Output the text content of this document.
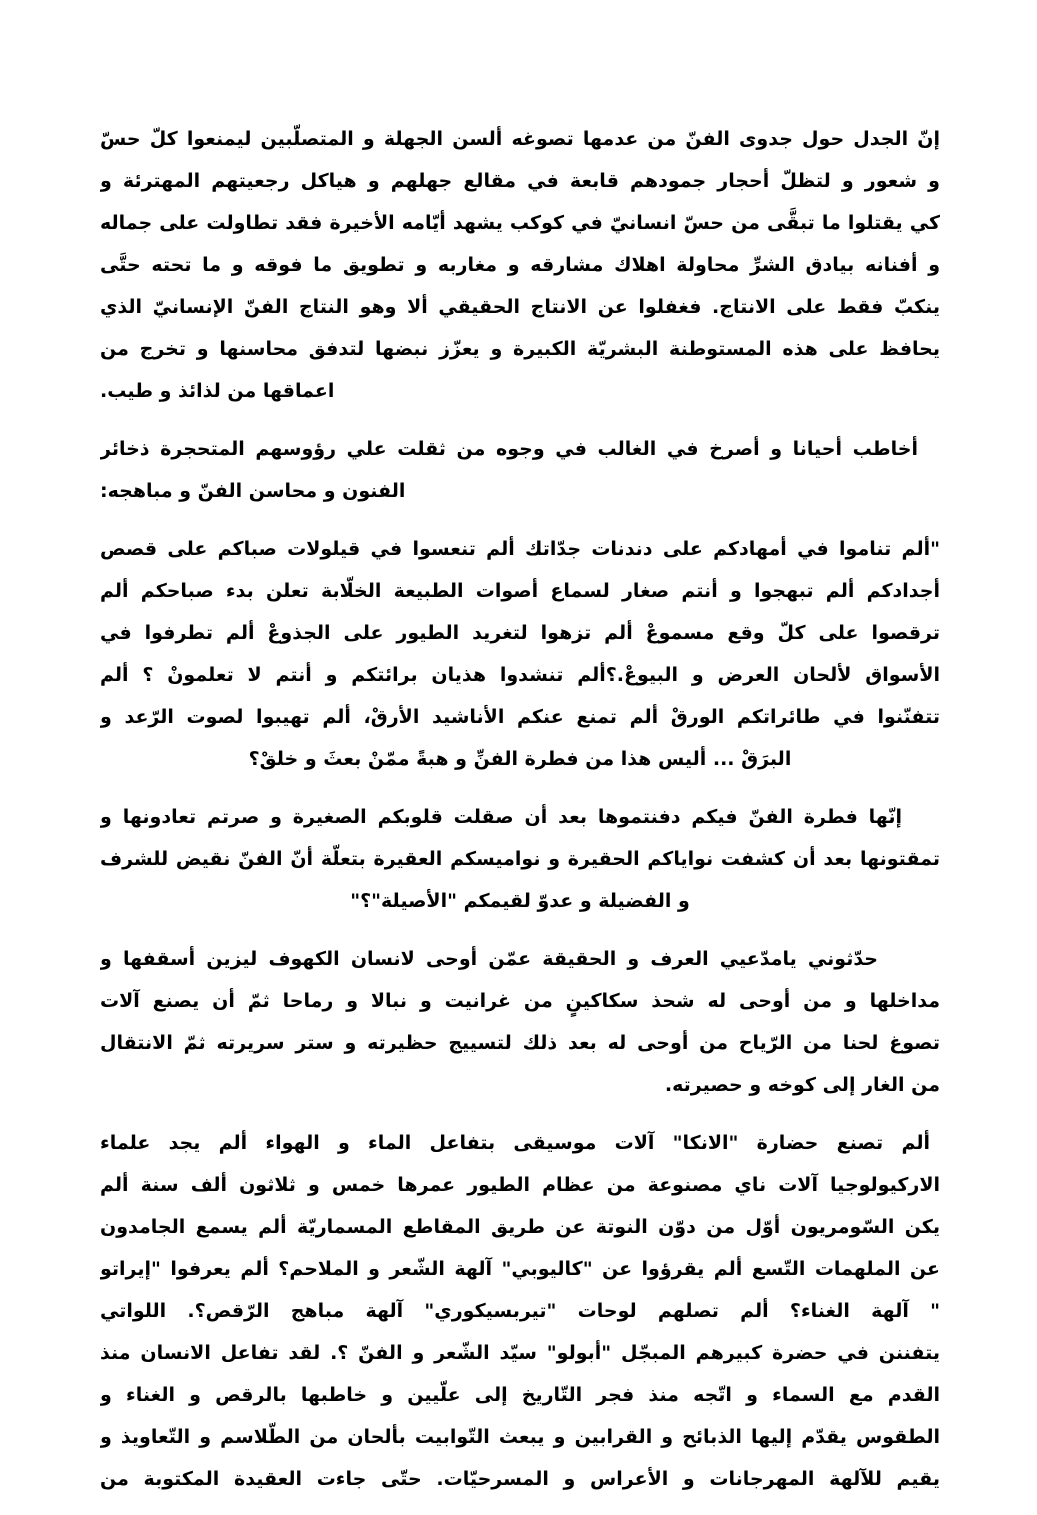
إنّ الجدل حول جدوى الفنّ من عدمها تصوغه ألسن الجهلة و المتصلّبين ليمنعوا كلّ حسّ
و شعور و لتظلّ أحجار جمودهم قابعة في مقالع جهلهم و هياكل رجعيتهم المهترئة و
كي يقتلوا ما تبقَّى من حسّ انسانيّ في كوكب يشهد أيّامه الأخيرة فقد تطاولت على جماله
و أفنانه بيادق الشرِّ محاولة اهلاك مشارقه و مغاربه و تطويق ما فوقه و ما تحته حتَّى
ينكبّ فقط على الانتاج. فغفلوا عن الانتاج الحقيقي ألا وهو النتاج الفنّ الإنسانيّ الذي
يحافظ على هذه المستوطنة البشريّة الكبيرة و يعزّز نبضها لتدفق محاسنها و تخرج من
اعماقها من لذائذ و طيب.
أخاطب أحيانا و أصرخ في الغالب في وجوه من ثقلت علي رؤوسهم المتحجرة ذخائر
الفنون و محاسن الفنّ و مباهجه:
"ألم تناموا في أمهادكم على دندنات جدّاتك ألم تنعسوا في قيلولات صباكم على قصص
أجدادكم ألم تبهجوا و أنتم صغار لسماع أصوات الطبيعة الخلّابة تعلن بدء صباحكم ألم
ترقصوا على كلّ وقع مسموعْ ألم تزهوا لتغريد الطيور على الجذوعْ ألم تطرفوا في
الأسواق لألحان العرض و البيوعْ.؟ألم تنشدوا هذيان برائتكم و أنتم لا تعلمونْ ؟ ألم
تتفنّنوا في طائراتكم الورقْ ألم تمنع عنكم الأناشيد الأرقْ، ألم تهيبوا لصوت الرّعد و
البرَقْ ... أليس هذا من فطرة الفنِّ و هبةً ممّنْ بعثَ و خلقْ؟
إنّها فطرة الفنّ فيكم دفنتموها بعد أن صقلت قلوبكم الصغيرة و صرتم تعادونها و
تمقتونها بعد أن كشفت نواياكم الحقيرة و نواميسكم العقيرة بتعلّة أنّ الفنّ نقيض للشرف
و الفضيلة و عدوّ لقيمكم "الأصيلة"؟"
حدّثوني يامدّعيي العرف و الحقيقة عمّن أوحى لانسان الكهوف ليزين أسقفها و
مداخلها و من أوحى له شحذ سكاكينٍ من غرانيت و نبالا و رماحا ثمّ أن يصنع آلات
تصوغ لحنا من الرّياح من أوحى له بعد ذلك لتسييج حظيرته و ستر سريرته ثمّ الانتقال
من الغار إلى كوخه و حصيرته.
ألم تصنع حضارة "الانكا" آلات موسيقى بتفاعل الماء و الهواء ألم يجد علماء
الاركيولوجيا آلات ناي مصنوعة من عظام الطيور عمرها خمس و ثلاثون ألف سنة ألم
يكن السّومريون أوّل من دوّن النوتة عن طريق المقاطع المسماريّة ألم يسمع الجامدون
عن الملهمات التّسع ألم يقرؤوا عن "كاليوبي" آلهة الشّعر و الملاحم؟ ألم يعرفوا "إيراتو
" آلهة الغناء؟ ألم تصلهم لوحات "تيربسيكوري" آلهة مباهج الرّقص؟. اللواتي
يتفننن في حضرة كبيرهم المبجّل "أبولو" سيّد الشّعر و الفنّ ؟. لقد تفاعل الانسان منذ
القدم مع السماء و اتّجه منذ فجر التّاريخ إلى علّيين و خاطبها بالرقص و الغناء و
الطقوس يقدّم إليها الذبائح و القرابين و يبعث التّوابيت بألحان من الطّلاسم و التّعاويذ و
يقيم للآلهة المهرجانات و الأعراس و المسرحيّات. حتّى جاءت العقيدة المكتوبة من
